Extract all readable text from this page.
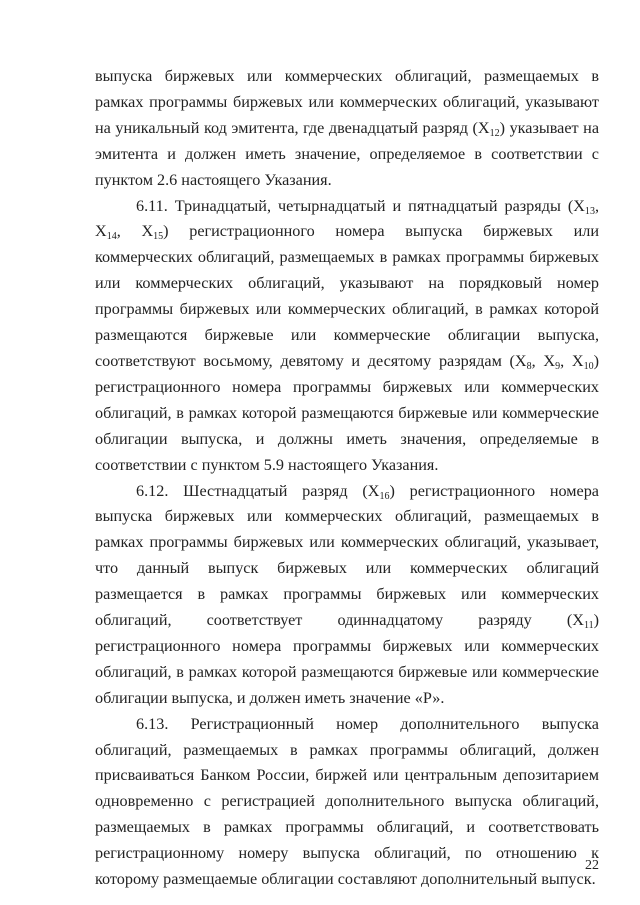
выпуска биржевых или коммерческих облигаций, размещаемых в рамках программы биржевых или коммерческих облигаций, указывают на уникальный код эмитента, где двенадцатый разряд $(X_{12})$ указывает на эмитента и должен иметь значение, определяемое в соответствии с пунктом 2.6 настоящего Указания.

6.11. Тринадцатый, четырнадцатый и пятнадцатый разряды ($X_{13}$, $X_{14}$, $X_{15}$) регистрационного номера выпуска биржевых или коммерческих облигаций, размещаемых в рамках программы биржевых или коммерческих облигаций, указывают на порядковый номер программы биржевых или коммерческих облигаций, в рамках которой размещаются биржевые или коммерческие облигации выпуска, соответствуют восьмому, девятому и десятому разрядам ($X_8$, $X_9$, $X_{10}$) регистрационного номера программы биржевых или коммерческих облигаций, в рамках которой размещаются биржевые или коммерческие облигации выпуска, и должны иметь значения, определяемые в соответствии с пунктом 5.9 настоящего Указания.

6.12. Шестнадцатый разряд $(X_{16})$ регистрационного номера выпуска биржевых или коммерческих облигаций, размещаемых в рамках программы биржевых или коммерческих облигаций, указывает, что данный выпуск биржевых или коммерческих облигаций размещается в рамках программы биржевых или коммерческих облигаций, соответствует одиннадцатому разряду $(X_{11})$ регистрационного номера программы биржевых или коммерческих облигаций, в рамках которой размещаются биржевые или коммерческие облигации выпуска, и должен иметь значение «Р».

6.13. Регистрационный номер дополнительного выпуска облигаций, размещаемых в рамках программы облигаций, должен присваиваться Банком России, биржей или центральным депозитарием одновременно с регистрацией дополнительного выпуска облигаций, размещаемых в рамках программы облигаций, и соответствовать регистрационному номеру выпуска облигаций, по отношению к которому размещаемые облигации составляют дополнительный выпуск.

22
